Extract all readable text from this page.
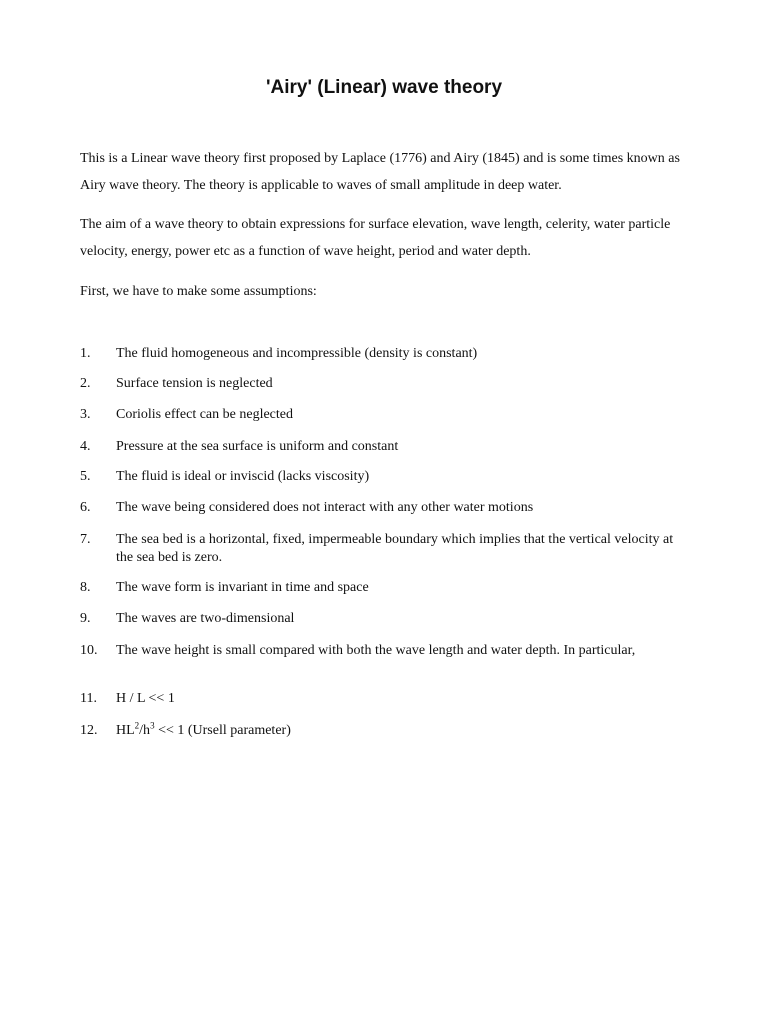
'Airy' (Linear) wave theory

This is a Linear wave theory first proposed by Laplace (1776) and Airy (1845) and is some times known as Airy wave theory. The theory is applicable to waves of small amplitude in deep water.

The aim of a wave theory to obtain expressions for surface elevation, wave length, celerity, water particle velocity, energy, power etc as a function of wave height, period and water depth.

First, we have to make some assumptions:

1.	The fluid homogeneous and incompressible (density is constant)
2.	Surface tension is neglected
3.	Coriolis effect can be neglected
4.	Pressure at the sea surface is uniform and constant
5.	The fluid is ideal or inviscid (lacks viscosity)
6.	The wave being considered does not interact with any other water motions
7.	The sea bed is a horizontal, fixed, impermeable boundary which implies that the vertical velocity at the sea bed is zero.
8.	The wave form is invariant in time and space
9.	The waves are two-dimensional
10.	The wave height is small compared with both the wave length and water depth. In particular,
11.	H / L << 1
12.	$HL^2/h^3 << 1$ (Ursell parameter)
